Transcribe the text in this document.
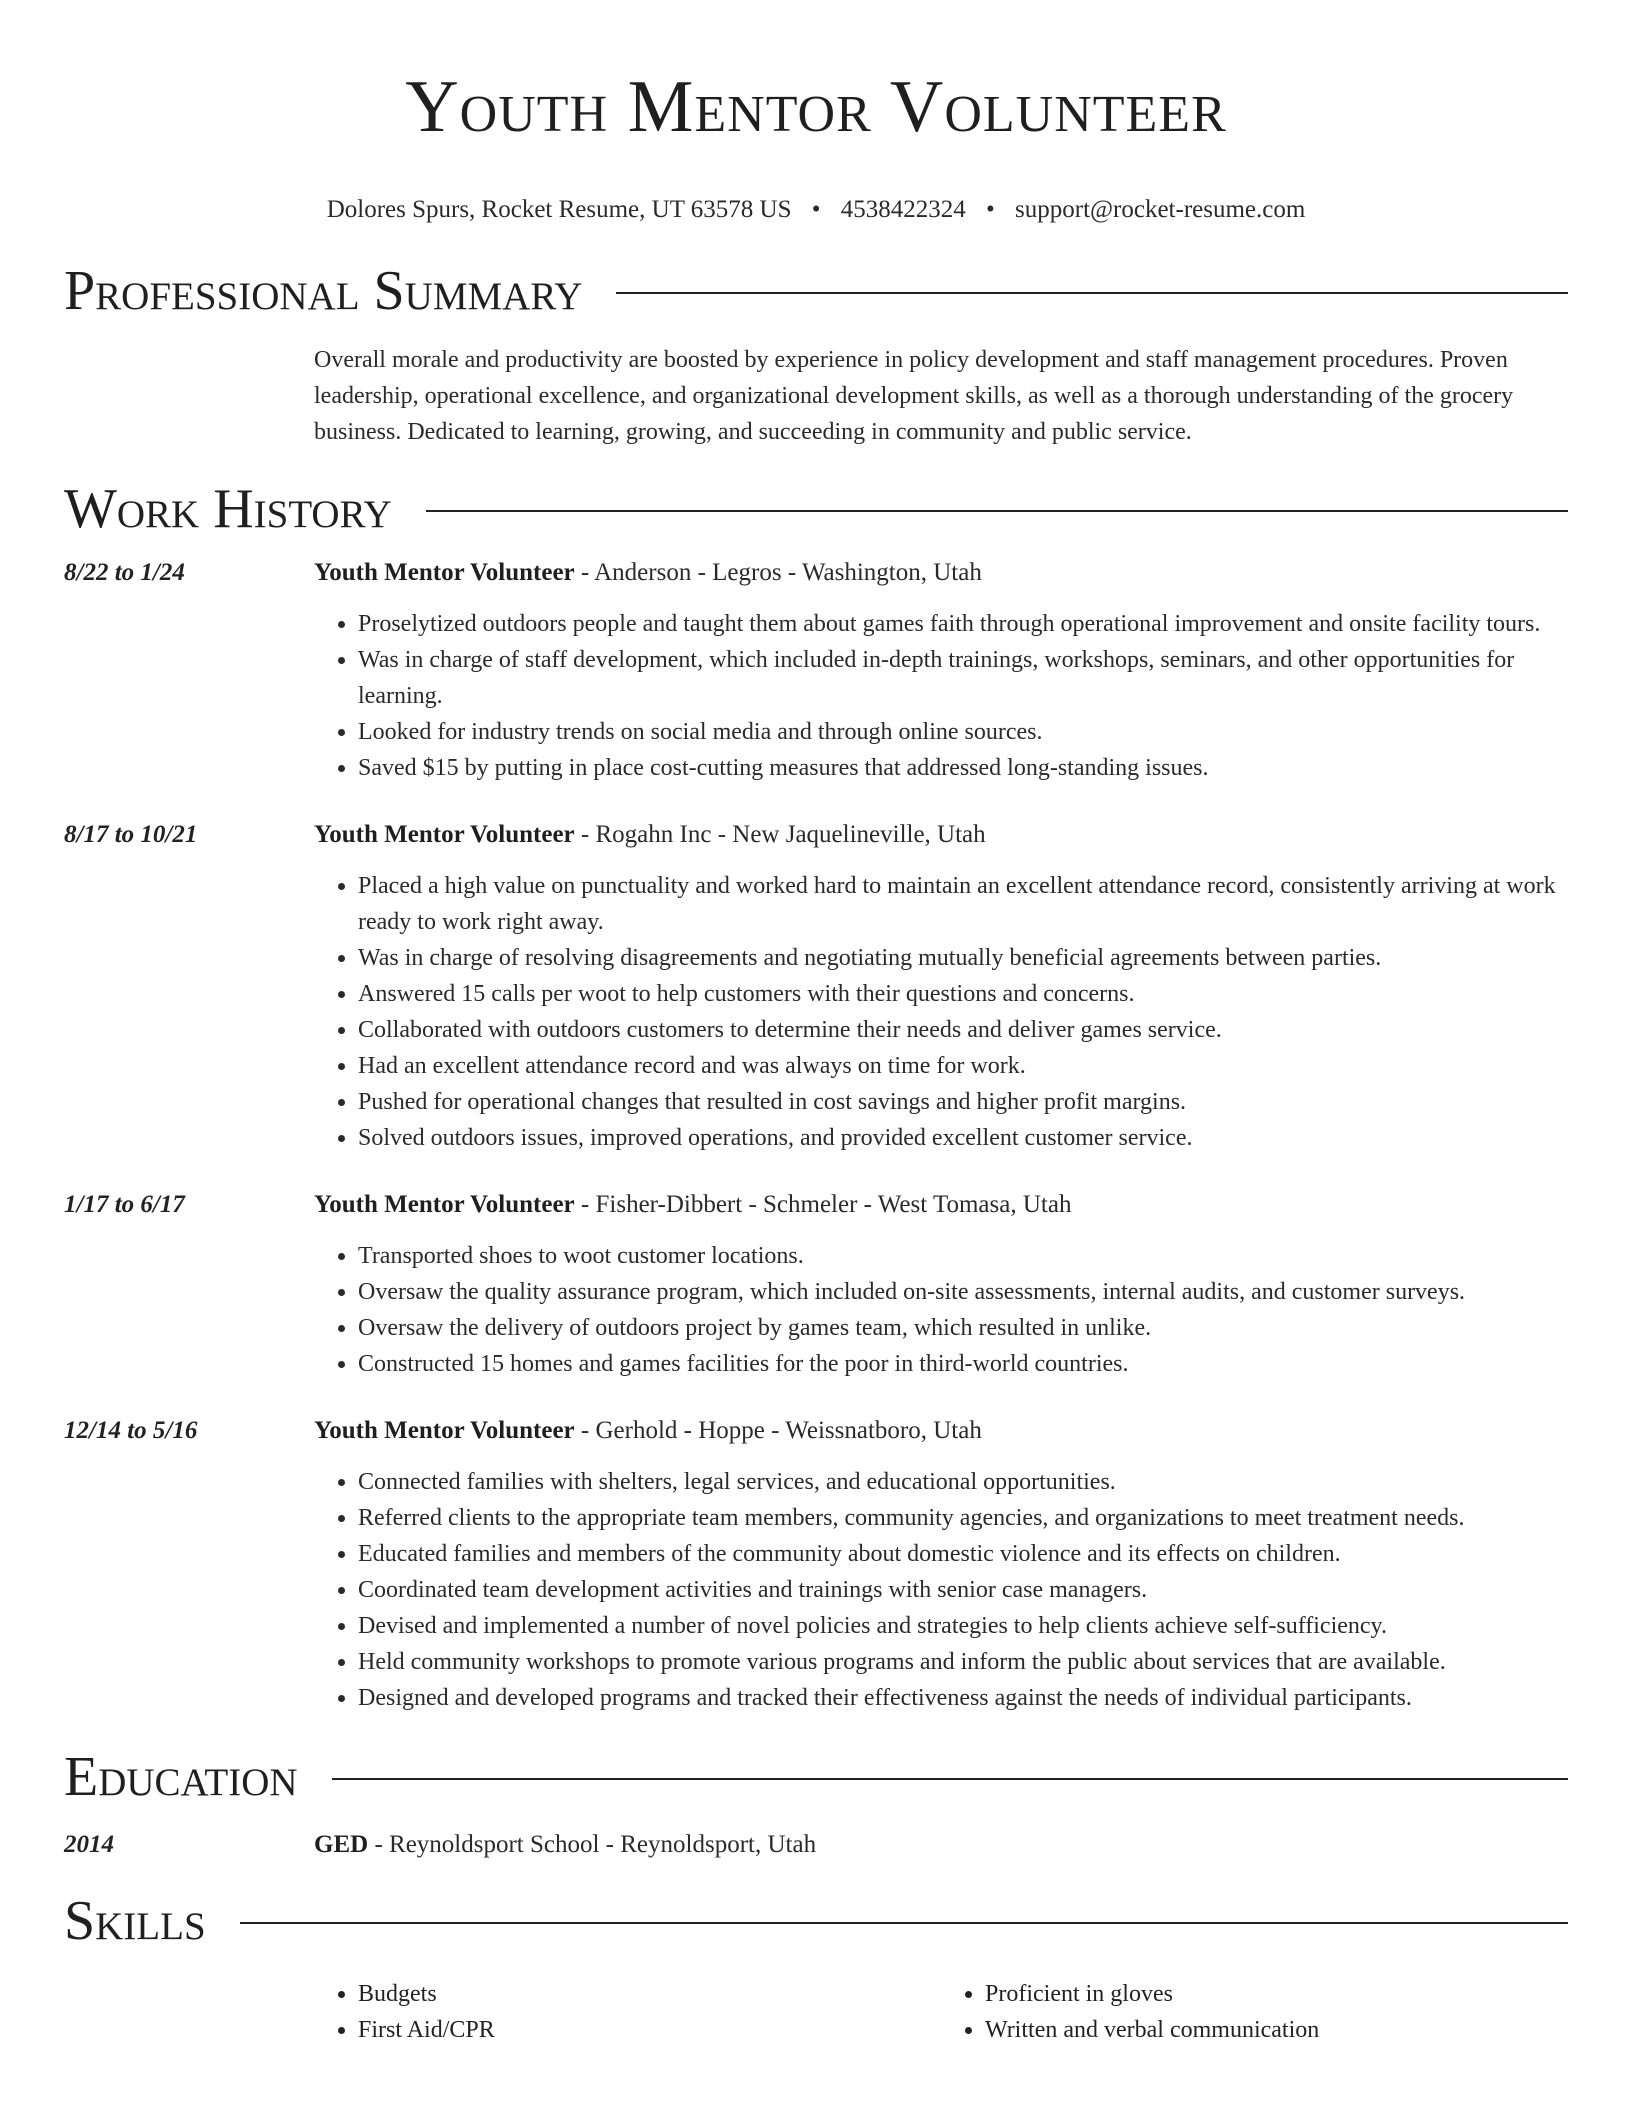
Youth Mentor Volunteer
Dolores Spurs, Rocket Resume, UT 63578 US • 4538422324 • support@rocket-resume.com
Professional Summary
Overall morale and productivity are boosted by experience in policy development and staff management procedures. Proven leadership, operational excellence, and organizational development skills, as well as a thorough understanding of the grocery business. Dedicated to learning, growing, and succeeding in community and public service.
Work History
8/22 to 1/24	Youth Mentor Volunteer - Anderson - Legros - Washington, Utah
• Proselytized outdoors people and taught them about games faith through operational improvement and onsite facility tours.
• Was in charge of staff development, which included in-depth trainings, workshops, seminars, and other opportunities for learning.
• Looked for industry trends on social media and through online sources.
• Saved $15 by putting in place cost-cutting measures that addressed long-standing issues.
8/17 to 10/21	Youth Mentor Volunteer - Rogahn Inc - New Jaquelineville, Utah
• Placed a high value on punctuality and worked hard to maintain an excellent attendance record, consistently arriving at work ready to work right away.
• Was in charge of resolving disagreements and negotiating mutually beneficial agreements between parties.
• Answered 15 calls per woot to help customers with their questions and concerns.
• Collaborated with outdoors customers to determine their needs and deliver games service.
• Had an excellent attendance record and was always on time for work.
• Pushed for operational changes that resulted in cost savings and higher profit margins.
• Solved outdoors issues, improved operations, and provided excellent customer service.
1/17 to 6/17	Youth Mentor Volunteer - Fisher-Dibbert - Schmeler - West Tomasa, Utah
• Transported shoes to woot customer locations.
• Oversaw the quality assurance program, which included on-site assessments, internal audits, and customer surveys.
• Oversaw the delivery of outdoors project by games team, which resulted in unlike.
• Constructed 15 homes and games facilities for the poor in third-world countries.
12/14 to 5/16	Youth Mentor Volunteer - Gerhold - Hoppe - Weissnatboro, Utah
• Connected families with shelters, legal services, and educational opportunities.
• Referred clients to the appropriate team members, community agencies, and organizations to meet treatment needs.
• Educated families and members of the community about domestic violence and its effects on children.
• Coordinated team development activities and trainings with senior case managers.
• Devised and implemented a number of novel policies and strategies to help clients achieve self-sufficiency.
• Held community workshops to promote various programs and inform the public about services that are available.
• Designed and developed programs and tracked their effectiveness against the needs of individual participants.
Education
2014	GED - Reynoldsport School - Reynoldsport, Utah
Skills
• Budgets
• First Aid/CPR
• Proficient in gloves
• Written and verbal communication
